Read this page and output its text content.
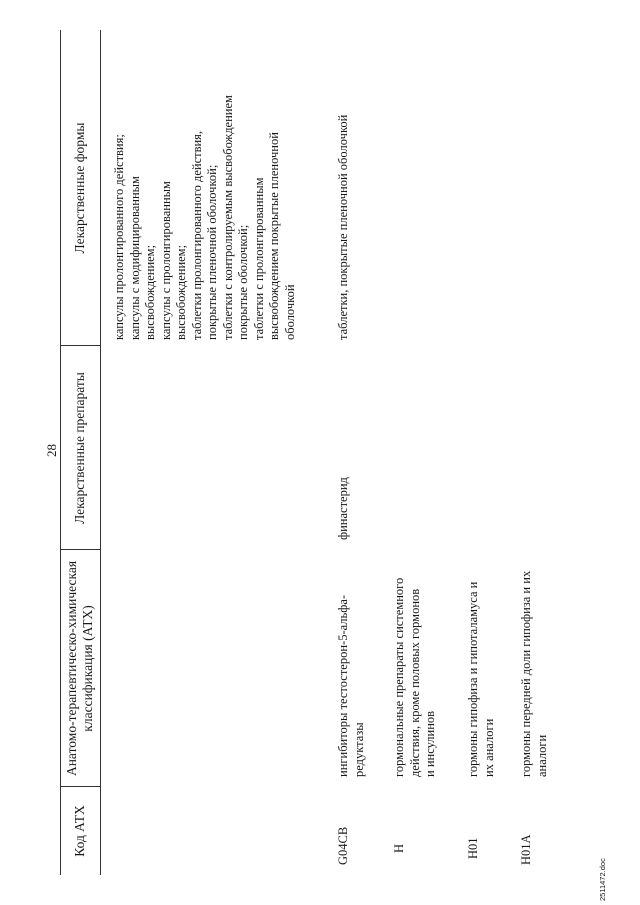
28
Код АТХ
Анатомо-терапевтическо-химическая
классификация (АТХ)
Лекарственные препараты
Лекарственные формы
капсулы пролонгированного действия;
капсулы с модифицированным
высвобождением;
капсулы с пролонгированным
высвобождением;
таблетки пролонгированного действия,
покрытые пленочной оболочкой;
таблетки с контролируемым высвобождением
покрытые оболочкой;
таблетки с пролонгированным
высвобождением покрытые пленочной
оболочкой
G04CB
ингибиторы тестостерон-5-альфа-
редуктазы
финастерид
таблетки, покрытые пленочной оболочкой
H
гормональные препараты системного
действия, кроме половых гормонов
и инсулинов
H01
гормоны гипофиза и гипоталамуса и
их аналоги
H01A
гормоны передней доли гипофиза и их
аналоги
2511472.doc
